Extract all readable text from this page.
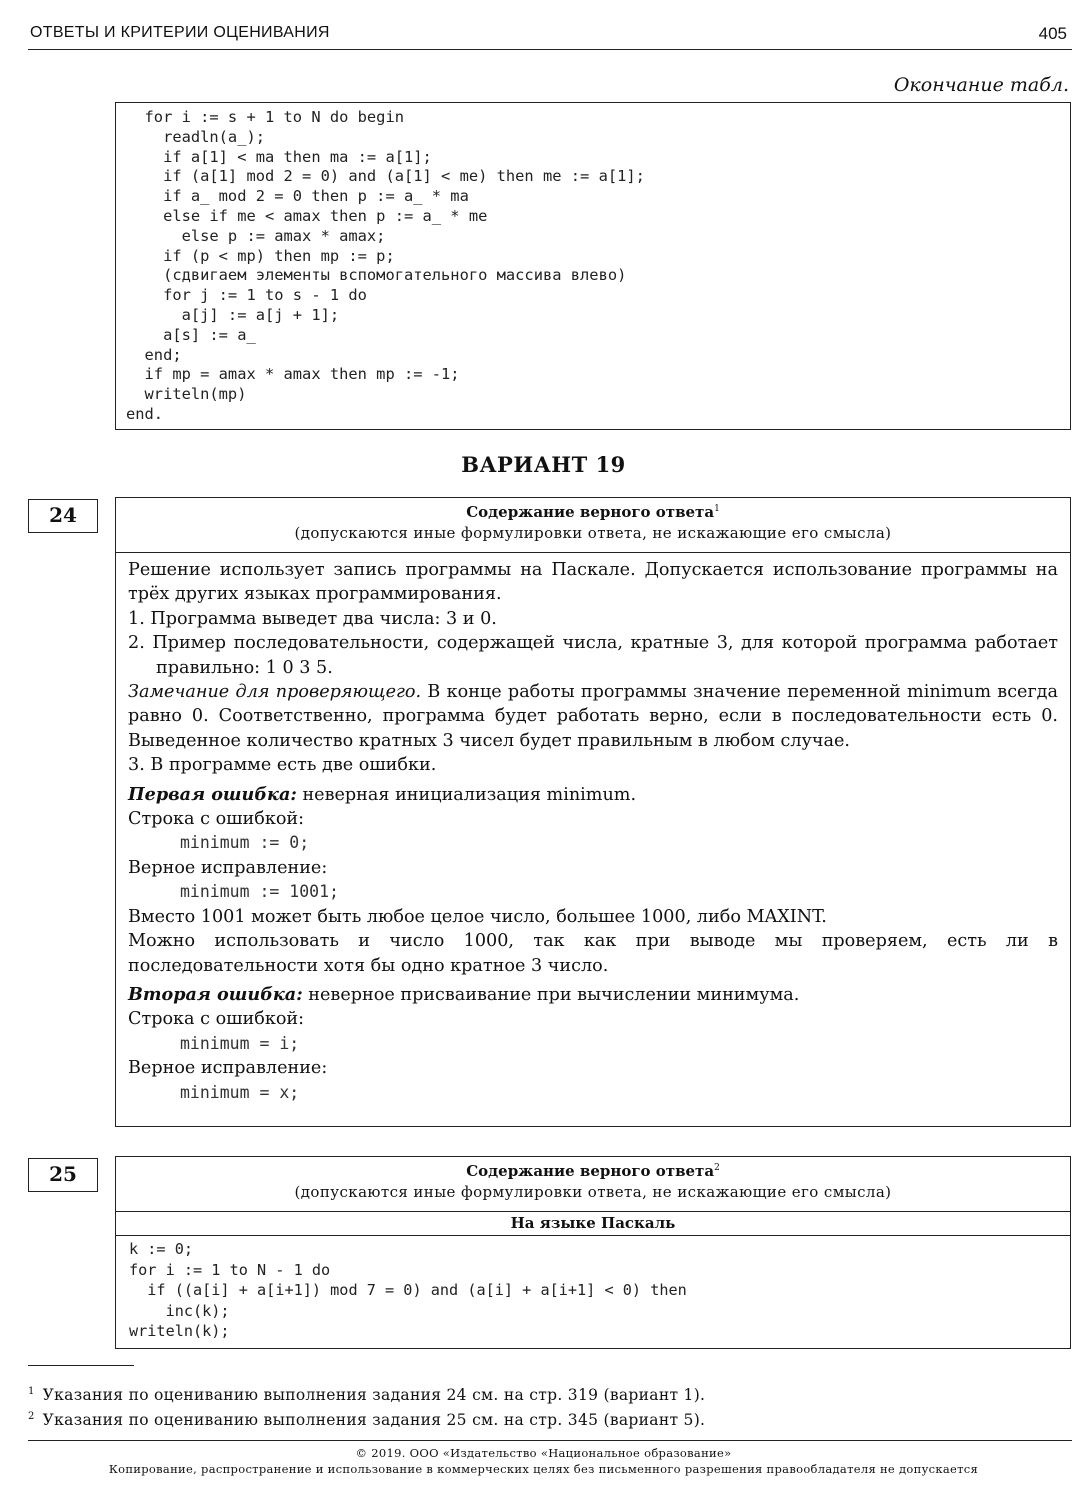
ОТВЕТЫ И КРИТЕРИИ ОЦЕНИВАНИЯ	405
Окончание табл.
for i := s + 1 to N do begin
readln(a_);
if a[1] < ma then ma := a[1];
if (a[1] mod 2 = 0) and (a[1] < me) then me := a[1];
if a_ mod 2 = 0 then p := a_ * ma
else if me < amax then p := a_ * me
else p := amax * amax;
if (p < mp) then mp := p;
(сдвигаем элементы вспомогательного массива влево)
for j := 1 to s - 1 do
a[j] := a[j + 1];
a[s] := a_
end;
if mp = amax * amax then mp := -1;
writeln(mp)
end.
ВАРИАНТ 19
24	Содержание верного ответа$^1$
(допускаются иные формулировки ответа, не искажающие его смысла)

Решение использует запись программы на Паскале. Допускается использование программы на трёх других языках программирования.

1. Программа выведет два числа: 3 и 0.

2. Пример последовательности, содержащей числа, кратные 3, для которой программа работает правильно: 1 0 3 5.

Замечание для проверяющего. В конце работы программы значение переменной minimum всегда равно 0. Соответственно, программа будет работать верно, если в последовательности есть 0. Выведенное количество кратных 3 чисел будет правильным в любом случае.

3. В программе есть две ошибки.

Первая ошибка: неверная инициализация minimum.

Строка с ошибкой:

minimum := 0;

Верное исправление:

minimum := 1001;

Вместо 1001 может быть любое целое число, большее 1000, либо MAXINT.

Можно использовать и число 1000, так как при выводе мы проверяем, есть ли в последовательности хотя бы одно кратное 3 число.

Вторая ошибка: неверное присваивание при вычислении минимума.

Строка с ошибкой:

minimum = i;

Верное исправление:

minimum = x;
25	Содержание верного ответа$^2$
(допускаются иные формулировки ответа, не искажающие его смысла)
На языке Паскаль
k := 0;
for i := 1 to N - 1 do
if ((a[i] + a[i+1]) mod 7 = 0) and (a[i] + a[i+1] < 0) then
inc(k);
writeln(k);
$^1$ Указания по оцениванию выполнения задания 24 см. на стр. 319 (вариант 1).
$^2$ Указания по оцениванию выполнения задания 25 см. на стр. 345 (вариант 5).
© 2019. ООО «Издательство «Национальное образование»
Копирование, распространение и использование в коммерческих целях без письменного разрешения правообладателя не допускается
